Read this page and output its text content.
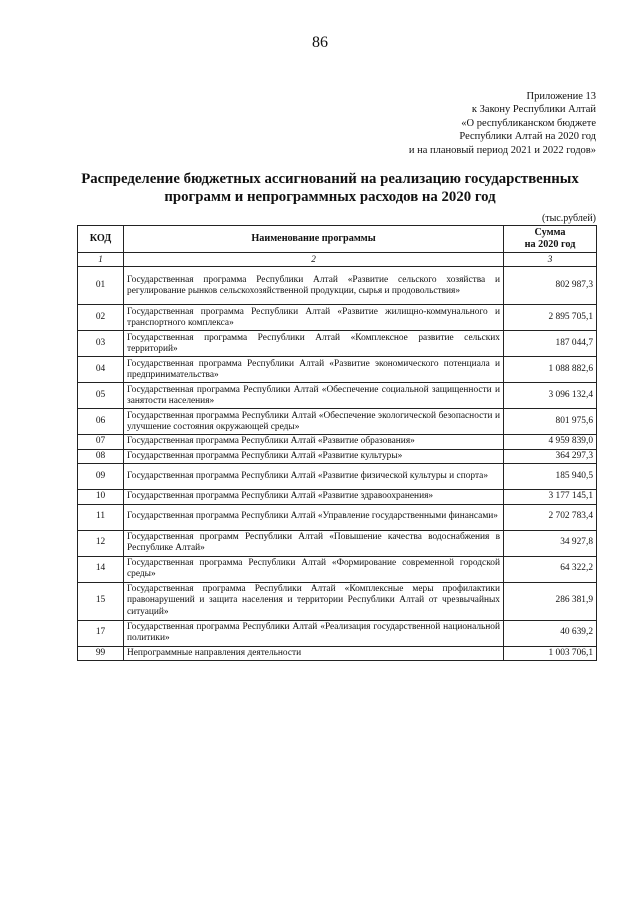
86
Приложение 13
к Закону Республики Алтай
«О республиканском бюджете
Республики Алтай на 2020 год
и на плановый период 2021 и 2022 годов»
Распределение бюджетных ассигнований на реализацию государственных
программ и непрограммных расходов на 2020 год
(тыс.рублей)
КОД	Наименование программы	Сумма
на 2020 год

1	2	3
01	Государственная программа Республики Алтай «Развитие сельского хозяйства и регулирование рынков сельскохозяйственной продукции, сырья и продовольствия»	802 987,3
02	Государственная программа Республики Алтай «Развитие жилищно-коммунального и транспортного комплекса»	2 895 705,1
03	Государственная программа Республики Алтай «Комплексное развитие сельских территорий»	187 044,7
04	Государственная программа Республики Алтай «Развитие экономического потенциала и предпринимательства»	1 088 882,6
05	Государственная программа Республики Алтай «Обеспечение социальной защищенности и занятости населения»	3 096 132,4
06	Государственная программа Республики Алтай «Обеспечение экологической безопасности и улучшение состояния окружающей среды»	801 975,6
07	Государственная программа Республики Алтай «Развитие образования»	4 959 839,0
08	Государственная программа Республики Алтай «Развитие культуры»	364 297,3
09	Государственная программа Республики Алтай «Развитие физической культуры и спорта»	185 940,5
10	Государственная программа Республики Алтай «Развитие здравоохранения»	3 177 145,1
11	Государственная программа Республики Алтай «Управление государственными финансами»	2 702 783,4
12	Государственная программ Республики Алтай «Повышение качества водоснабжения в Республике Алтай»	34 927,8
14	Государственная программа Республики Алтай «Формирование современной городской среды»	64 322,2
15	Государственная программа Республики Алтай «Комплексные меры профилактики правонарушений и защита населения и территории Республики Алтай от чрезвычайных ситуаций»	286 381,9
17	Государственная программа Республики Алтай «Реализация государственной национальной политики»	40 639,2
99	Непрограммные направления деятельности	1 003 706,1
